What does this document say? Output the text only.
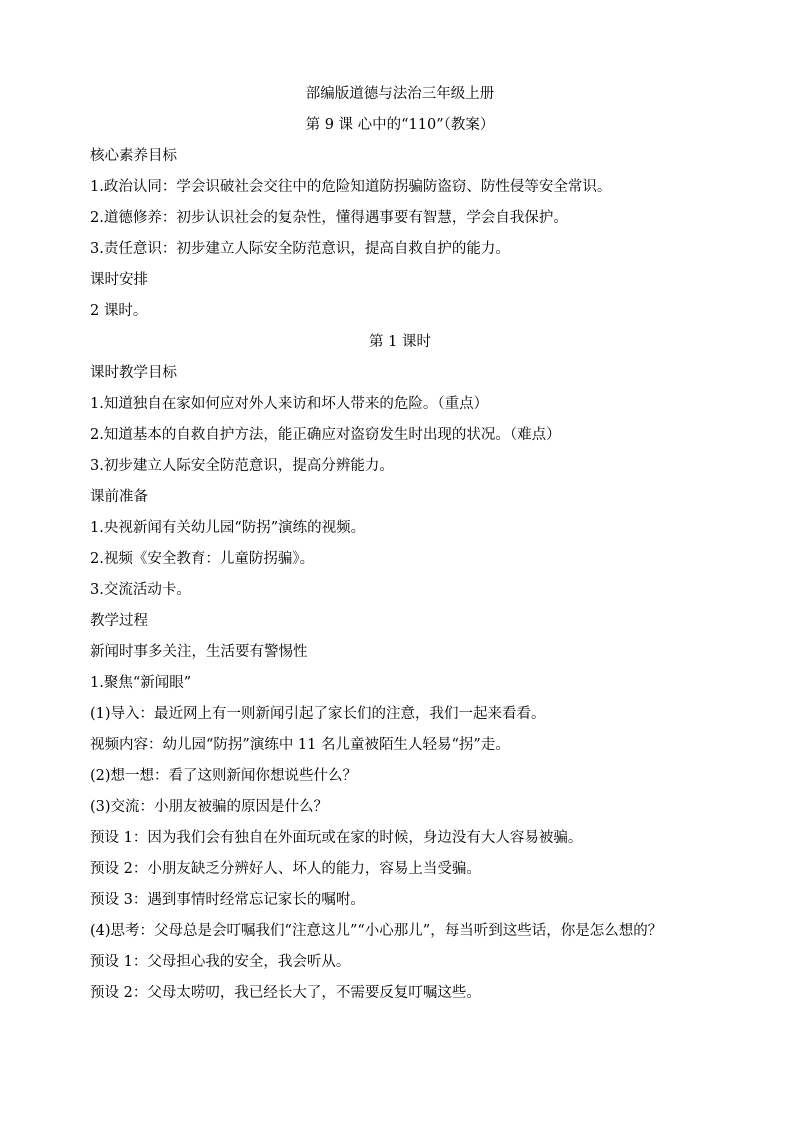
部编版道德与法治三年级上册
第 9 课 心中的“110”（教案）
核心素养目标
1.政治认同：学会识破社会交往中的危险知道防拐骗防盗窃、防性侵等安全常识。
2.道德修养：初步认识社会的复杂性，懂得遇事要有智慧，学会自我保护。
3.责任意识：初步建立人际安全防范意识，提高自救自护的能力。
课时安排
2 课时。
第 1 课时
课时教学目标
1.知道独自在家如何应对外人来访和坏人带来的危险。（重点）
2.知道基本的自救自护方法，能正确应对盗窃发生时出现的状况。（难点）
3.初步建立人际安全防范意识，提高分辨能力。
课前准备
1.央视新闻有关幼儿园“防拐”演练的视频。
2.视频《安全教育：儿童防拐骗》。
3.交流活动卡。
教学过程
新闻时事多关注，生活要有警惕性
1.聚焦“新闻眼”
(1)导入：最近网上有一则新闻引起了家长们的注意，我们一起来看看。
视频内容：幼儿园“防拐”演练中 11 名儿童被陌生人轻易“拐”走。
(2)想一想：看了这则新闻你想说些什么？
(3)交流：小朋友被骗的原因是什么？
预设 1：因为我们会有独自在外面玩或在家的时候，身边没有大人容易被骗。
预设 2：小朋友缺乏分辨好人、坏人的能力，容易上当受骗。
预设 3：遇到事情时经常忘记家长的嘱咐。
(4)思考：父母总是会叮嘱我们“注意这儿”“小心那儿”，每当听到这些话，你是怎么想的？
预设 1：父母担心我的安全，我会听从。
预设 2：父母太唠叨，我已经长大了，不需要反复叮嘱这些。
